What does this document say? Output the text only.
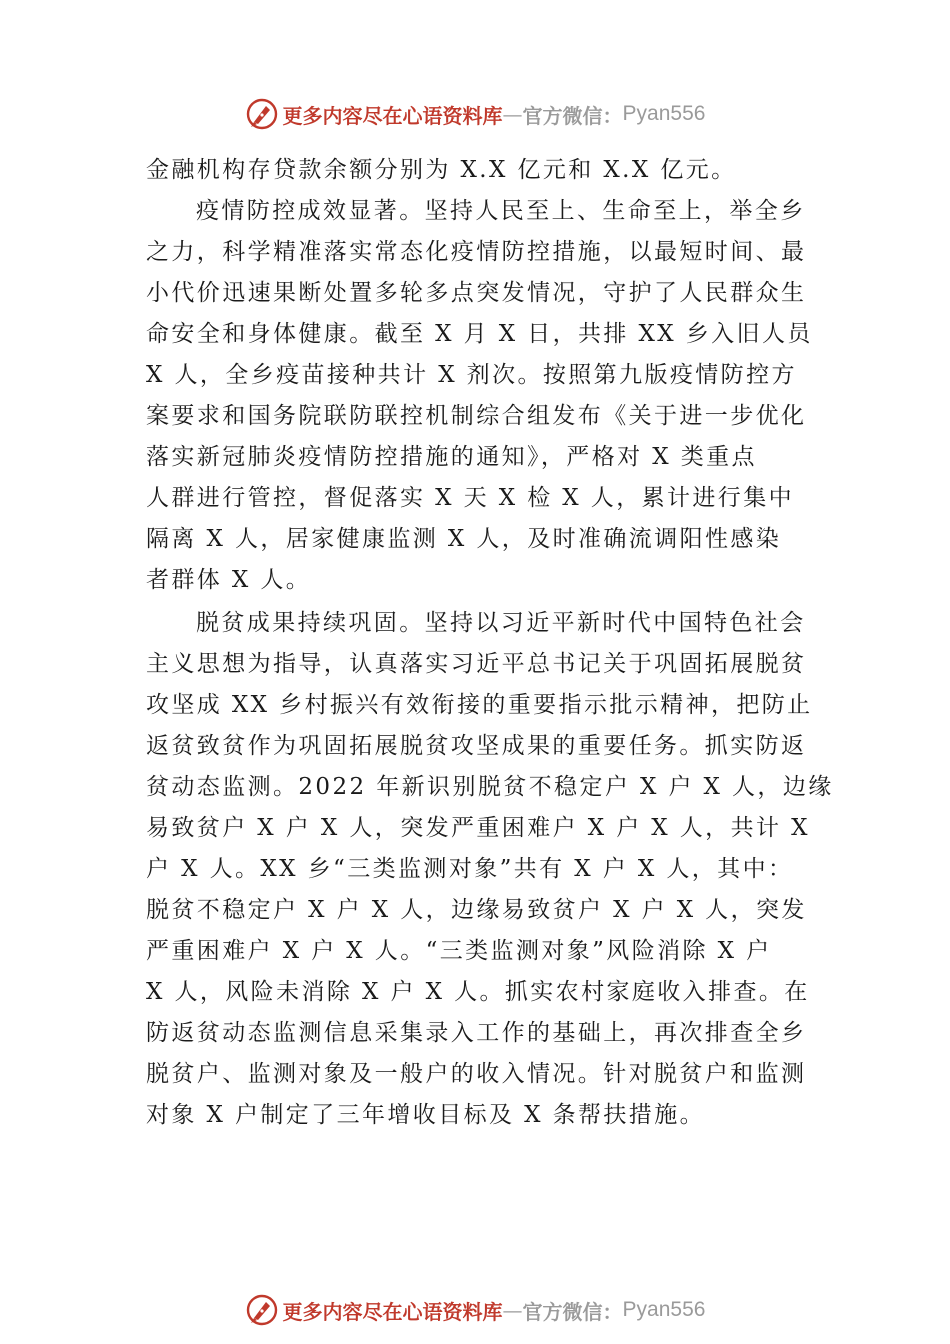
更多内容尽在心语资料库 — 官方微信： Pyan556
金融机构存贷款余额分别为 X.X 亿元和 X.X 亿元。
疫情防控成效显著。坚持人民至上、生命至上，举全乡
之力，科学精准落实常态化疫情防控措施，以最短时间、最
小代价迅速果断处置多轮多点突发情况，守护了人民群众生
命安全和身体健康。截至 X 月 X 日，共排 XX 乡入旧人员
X 人，全乡疫苗接种共计 X 剂次。按照第九版疫情防控方
案要求和国务院联防联控机制综合组发布《关于进一步优化
落实新冠肺炎疫情防控措施的通知》，严格对 X 类重点
人群进行管控，督促落实 X 天 X 检 X 人，累计进行集中
隔离 X 人，居家健康监测 X 人，及时准确流调阳性感染
者群体 X 人。
脱贫成果持续巩固。坚持以习近平新时代中国特色社会
主义思想为指导，认真落实习近平总书记关于巩固拓展脱贫
攻坚成 XX 乡村振兴有效衔接的重要指示批示精神，把防止
返贫致贫作为巩固拓展脱贫攻坚成果的重要任务。抓实防返
贫动态监测。2022 年新识别脱贫不稳定户 X 户 X 人，边缘
易致贫户 X 户 X 人，突发严重困难户 X 户 X 人，共计 X
户 X 人。XX 乡“三类监测对象”共有 X 户 X 人，其中：
脱贫不稳定户 X 户 X 人，边缘易致贫户 X 户 X 人，突发
严重困难户 X 户 X 人。“三类监测对象”风险消除 X 户
X 人，风险未消除 X 户 X 人。抓实农村家庭收入排查。在
防返贫动态监测信息采集录入工作的基础上，再次排查全乡
脱贫户、监测对象及一般户的收入情况。针对脱贫户和监测
对象 X 户制定了三年增收目标及 X 条帮扶措施。
更多内容尽在心语资料库 — 官方微信： Pyan556
